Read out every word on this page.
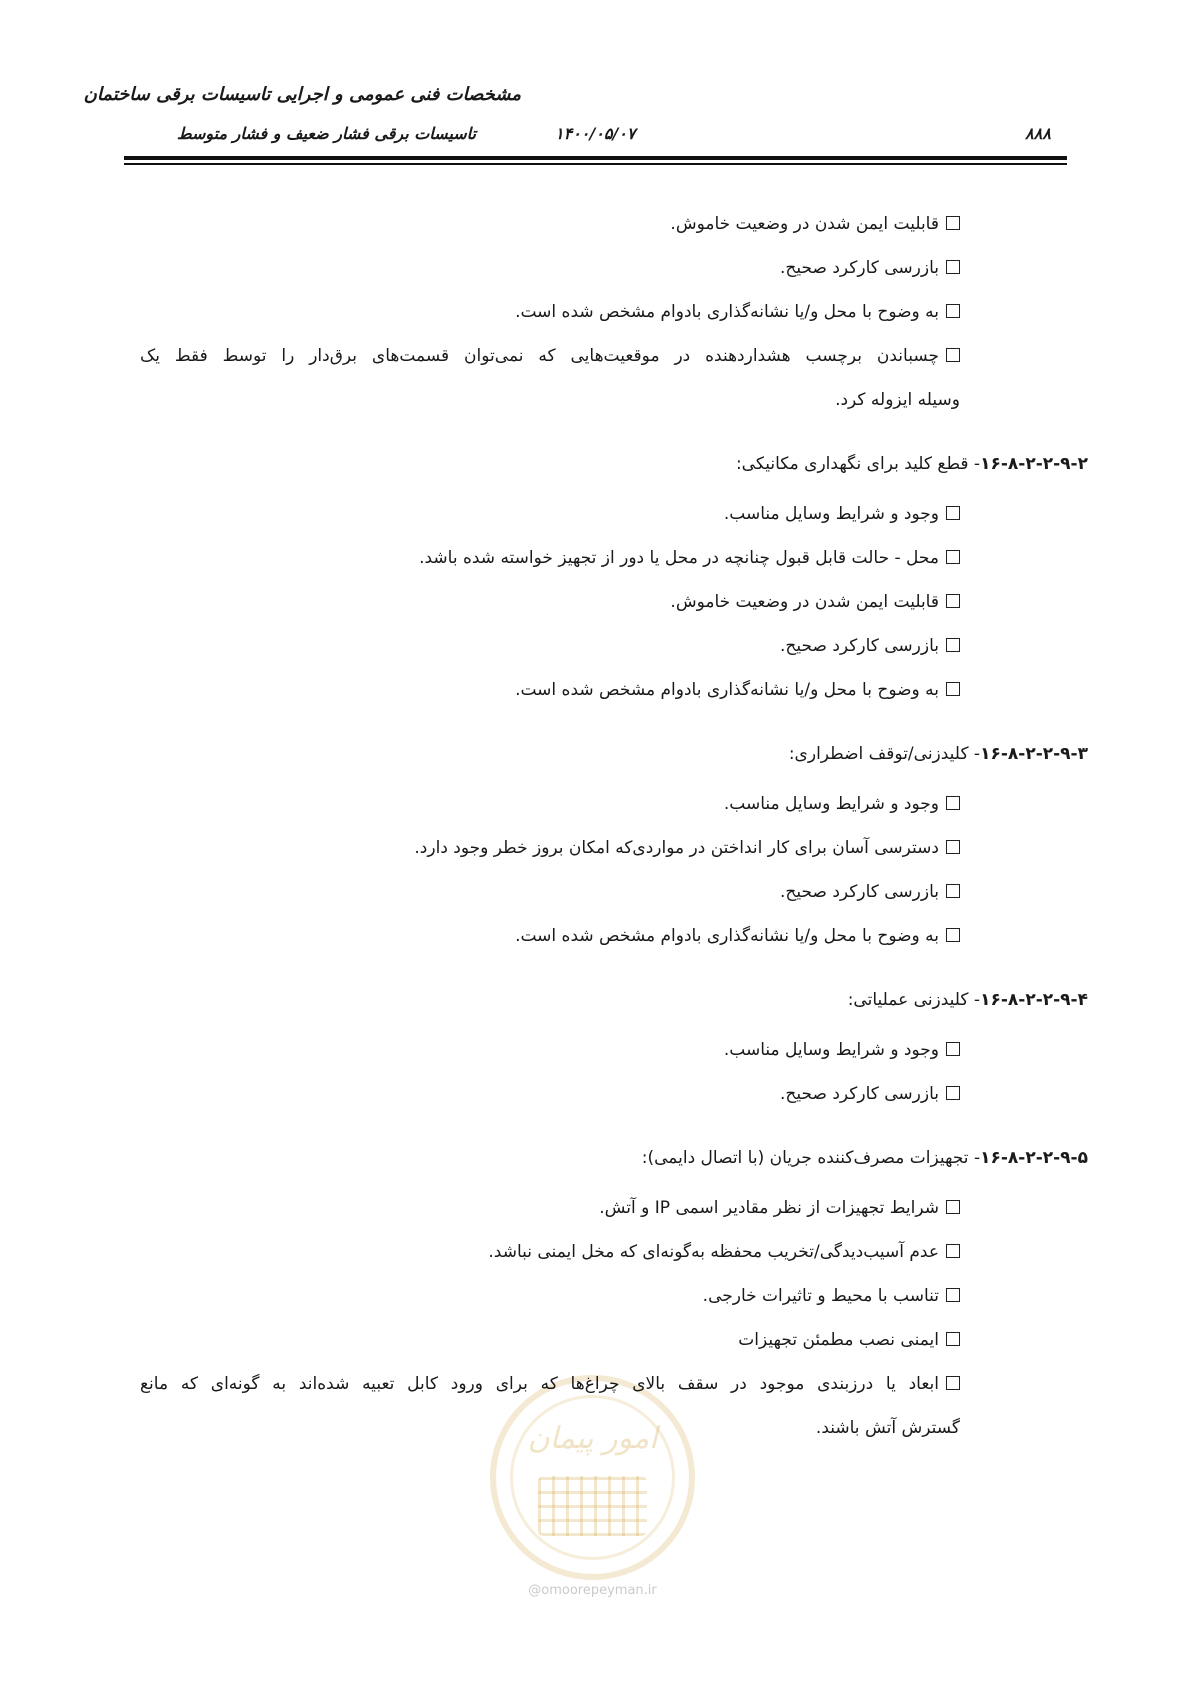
مشخصات فنی عمومی و اجرایی تاسیسات برقی ساختمان
تاسیسات برقی فشار ضعیف و فشار متوسط	۱۴۰۰/۰۵/۰۷	۸۸۸
امور پیمان
@omoorepeyman.ir
قابلیت ایمن شدن در وضعیت خاموش.
بازرسی کارکرد صحیح.
به وضوح با محل و/یا نشانه‌گذاری بادوام مشخص شده است.
چسباندن برچسب هشداردهنده در موقعیت‌هایی که نمی‌توان قسمت‌های برق‌دار را توسط فقط یک
وسیله ایزوله کرد.
۱۶-۸-۲-۲-۹-۲- قطع کلید برای نگهداری مکانیکی:
وجود و شرایط وسایل مناسب.
محل - حالت قابل قبول چنانچه در محل یا دور از تجهیز خواسته شده باشد.
قابلیت ایمن شدن در وضعیت خاموش.
بازرسی کارکرد صحیح.
به وضوح با محل و/یا نشانه‌گذاری بادوام مشخص شده است.
۱۶-۸-۲-۲-۹-۳- کلیدزنی/توقف اضطراری:
وجود و شرایط وسایل مناسب.
دسترسی آسان برای کار انداختن در مواردی‌که امکان بروز خطر وجود دارد.
بازرسی کارکرد صحیح.
به وضوح با محل و/یا نشانه‌گذاری بادوام مشخص شده است.
۱۶-۸-۲-۲-۹-۴- کلیدزنی عملیاتی:
وجود و شرایط وسایل مناسب.
بازرسی کارکرد صحیح.
۱۶-۸-۲-۲-۹-۵- تجهیزات مصرف‌کننده جریان (با اتصال دایمی):
شرایط تجهیزات از نظر مقادیر اسمی IP و آتش.
عدم آسیب‌دیدگی/تخریب محفظه به‌گونه‌ای که مخل ایمنی نباشد.
تناسب با محیط و تاثیرات خارجی.
ایمنی نصب مطمئن تجهیزات
ابعاد یا درزبندی موجود در سقف بالای چراغ‌ها که برای ورود کابل تعبیه شده‌اند به گونه‌ای که مانع
گسترش آتش باشند.
